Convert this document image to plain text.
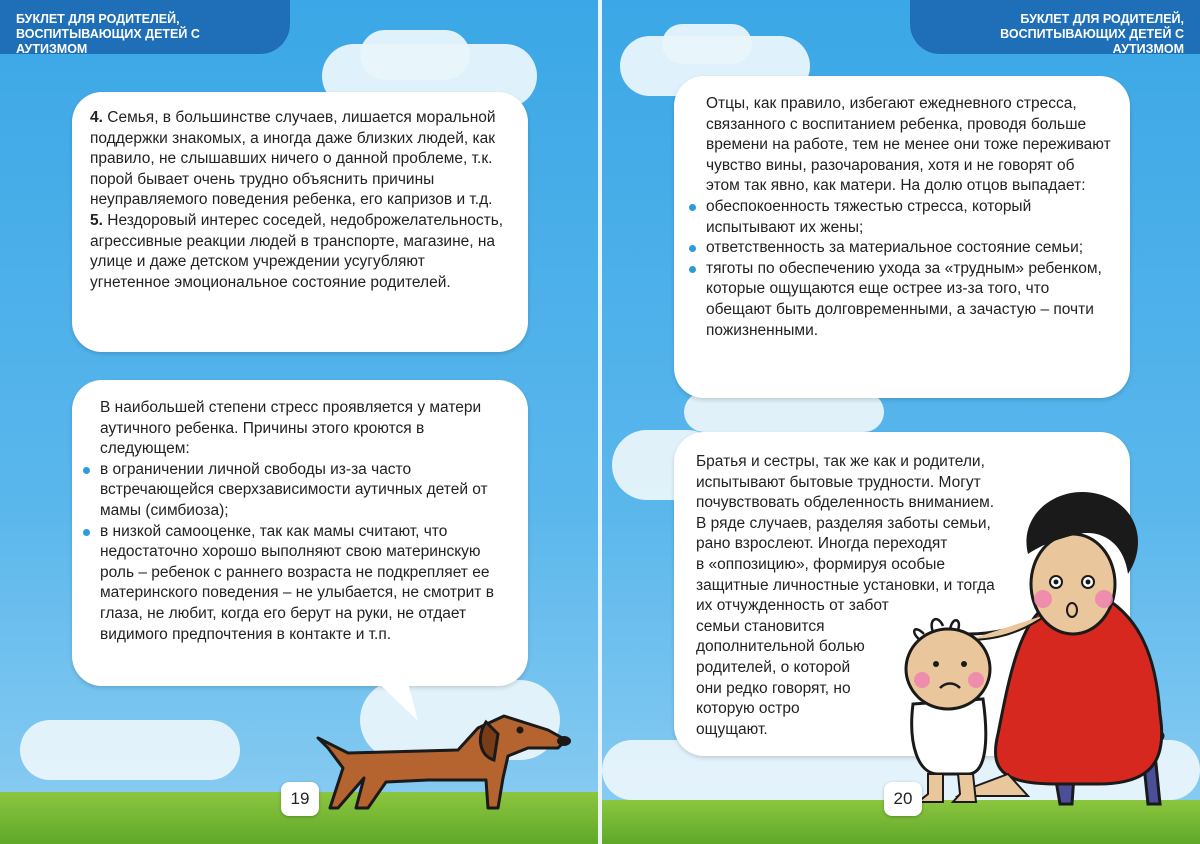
БУКЛЕТ ДЛЯ РОДИТЕЛЕЙ,
ВОСПИТЫВАЮЩИХ ДЕТЕЙ С АУТИЗМОМ

4. Семья, в большинстве случаев, лишается моральной поддержки знакомых, а иногда даже близких людей, как правило, не слышавших ничего о данной проблеме, т.к. порой бывает очень трудно объяснить причины неуправляемого поведения ребенка, его капризов и т.д.

5. Нездоровый интерес соседей, недоброжелательность, агрессивные реакции людей в транспорте, магазине, на улице и даже детском учреждении усугубляют угнетенное эмоциональное состояние родителей.

В наибольшей степени стресс проявляется у матери аутичного ребенка. Причины этого кроются в следующем:

в ограничении личной свободы из-за часто встречающейся сверхзависимости аутичных детей от мамы (симбиоза);
в низкой самооценке, так как мамы считают, что недостаточно хорошо выполняют свою материнскую роль – ребенок с раннего возраста не подкрепляет ее материнского поведения – не улыбается, не смотрит в глаза, не любит, когда его берут на руки, не отдает видимого предпочтения в контакте и т.п.
19
БУКЛЕТ ДЛЯ РОДИТЕЛЕЙ,
ВОСПИТЫВАЮЩИХ ДЕТЕЙ С АУТИЗМОМ

Отцы, как правило, избегают ежедневного стресса, связанного с воспитанием ребенка, проводя больше времени на работе, тем не менее они тоже переживают чувство вины, разочарования, хотя и не говорят об этом так явно, как матери. На долю отцов выпадает:

обеспокоенность тяжестью стресса, который испытывают их жены;
ответственность за материальное состояние семьи;
тяготы по обеспечению ухода за «трудным» ребенком, которые ощущаются еще острее из-за того, что обещают быть долговременными, а зачастую – почти пожизненными.
Братья и сестры, так же как и родители,
испытывают бытовые трудности. Могут
почувствовать обделенность вниманием.
В ряде случаев, разделяя заботы семьи,
рано взрослеют. Иногда переходят
в «оппозицию», формируя особые
защитные личностные установки, и тогда
их отчужденность от забот
семьи становится
дополнительной болью
родителей, о которой
они редко говорят, но
которую остро
ощущают.
20
